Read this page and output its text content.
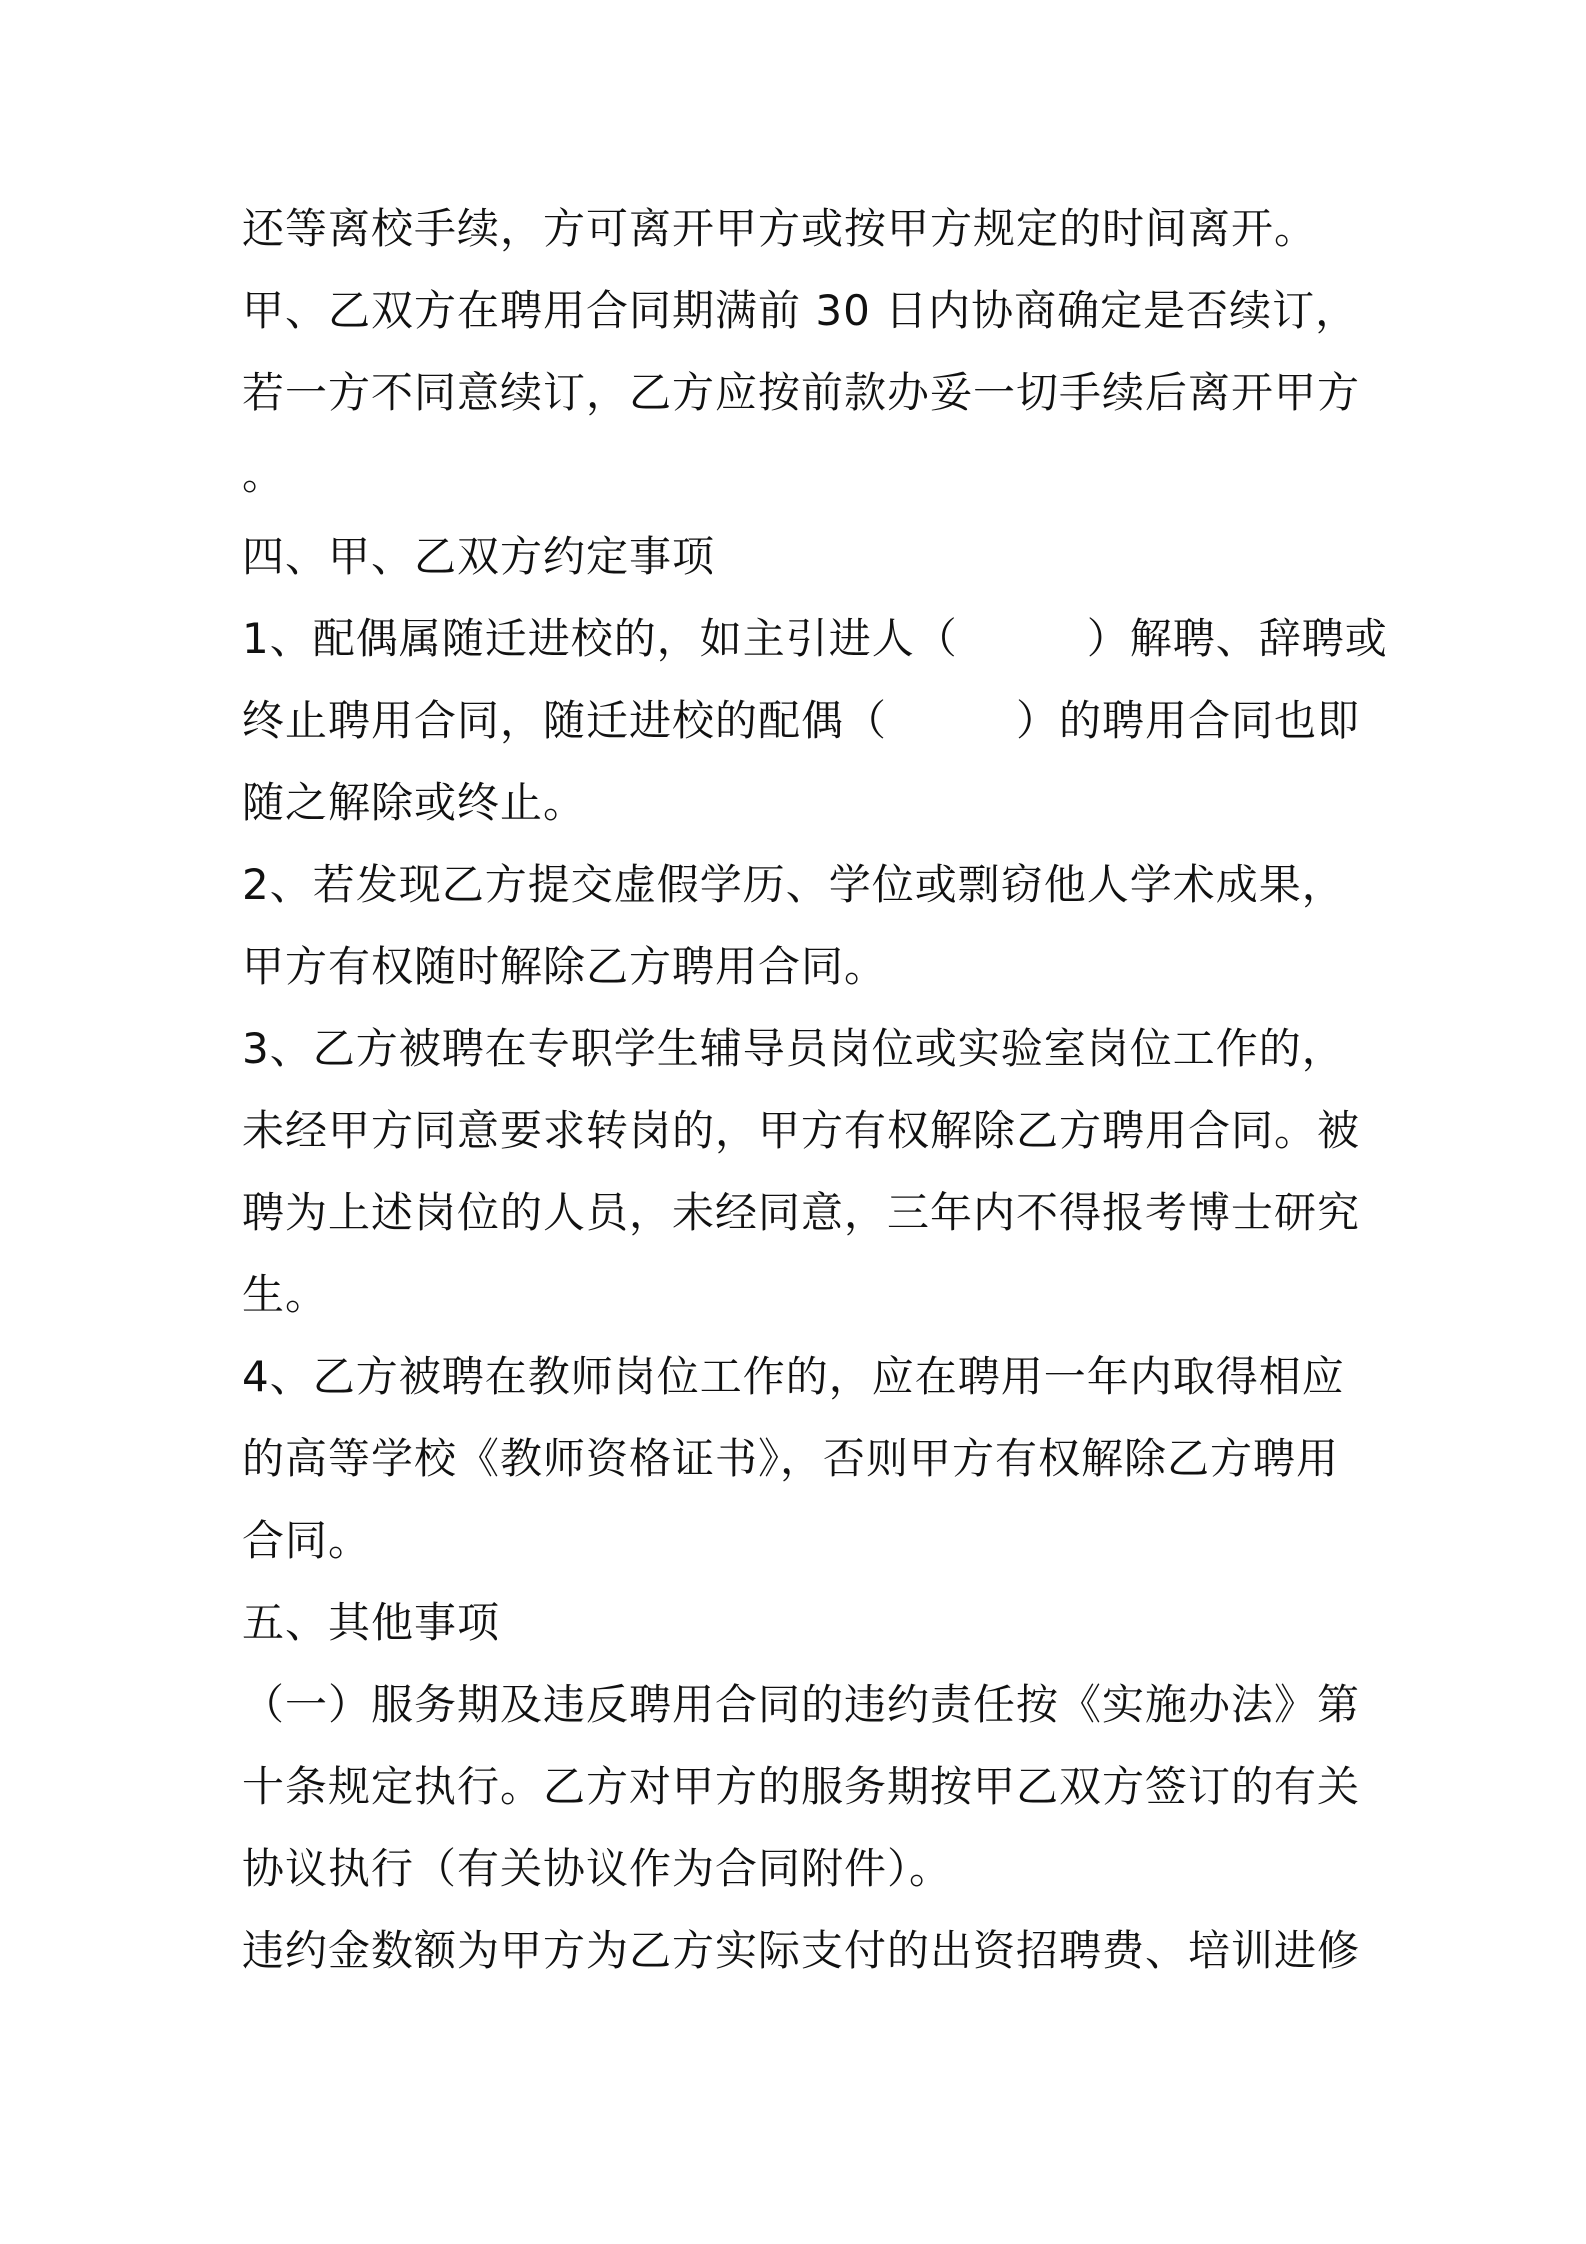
还等离校手续，方可离开甲方或按甲方规定的时间离开。
甲、乙双方在聘用合同期满前 30 日内协商确定是否续订，
若一方不同意续订，乙方应按前款办妥一切手续后离开甲方
。
四、甲、乙双方约定事项
1、配偶属随迁进校的，如主引进人（　　　）解聘、辞聘或
终止聘用合同，随迁进校的配偶（　　　）的聘用合同也即
随之解除或终止。
2、若发现乙方提交虚假学历、学位或剽窃他人学术成果，
甲方有权随时解除乙方聘用合同。
3、乙方被聘在专职学生辅导员岗位或实验室岗位工作的，
未经甲方同意要求转岗的，甲方有权解除乙方聘用合同。被
聘为上述岗位的人员，未经同意，三年内不得报考博士研究
生。
4、乙方被聘在教师岗位工作的，应在聘用一年内取得相应
的高等学校《教师资格证书》，否则甲方有权解除乙方聘用
合同。
五、其他事项
（一）服务期及违反聘用合同的违约责任按《实施办法》第
十条规定执行。乙方对甲方的服务期按甲乙双方签订的有关
协议执行（有关协议作为合同附件）。
违约金数额为甲方为乙方实际支付的出资招聘费、培训进修
